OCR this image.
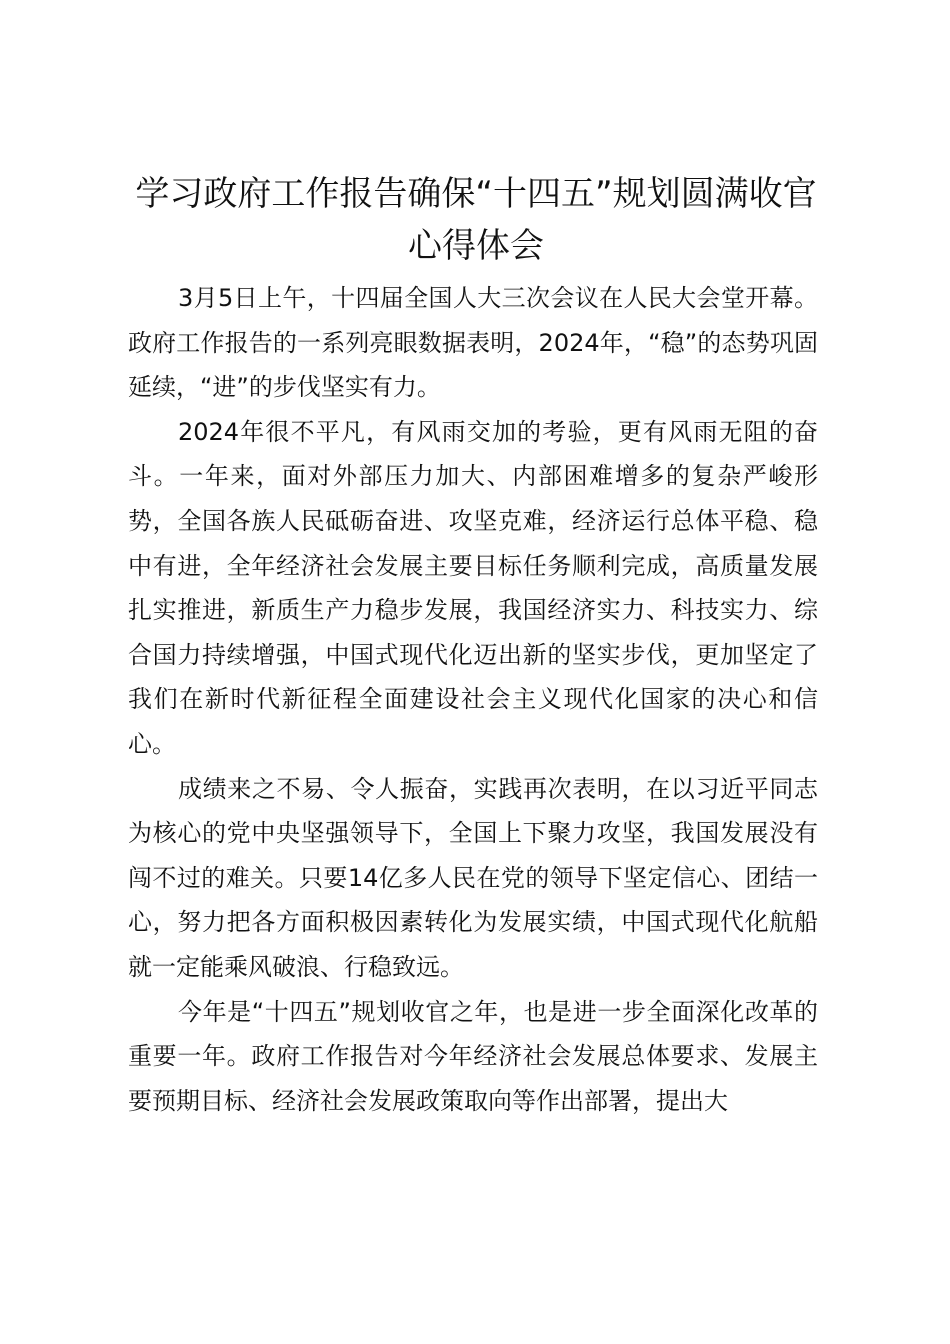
学习政府工作报告确保“十四五”规划圆满收官心得体会

3月5日上午，十四届全国人大三次会议在人民大会堂开幕。政府工作报告的一系列亮眼数据表明，2024年，“稳”的态势巩固延续，“进”的步伐坚实有力。

2024年很不平凡，有风雨交加的考验，更有风雨无阻的奋斗。一年来，面对外部压力加大、内部困难增多的复杂严峻形势，全国各族人民砥砺奋进、攻坚克难，经济运行总体平稳、稳中有进，全年经济社会发展主要目标任务顺利完成，高质量发展扎实推进，新质生产力稳步发展，我国经济实力、科技实力、综合国力持续增强，中国式现代化迈出新的坚实步伐，更加坚定了我们在新时代新征程全面建设社会主义现代化国家的决心和信心。

成绩来之不易、令人振奋，实践再次表明，在以习近平同志为核心的党中央坚强领导下，全国上下聚力攻坚，我国发展没有闯不过的难关。只要14亿多人民在党的领导下坚定信心、团结一心，努力把各方面积极因素转化为发展实绩，中国式现代化航船就一定能乘风破浪、行稳致远。

今年是“十四五”规划收官之年，也是进一步全面深化改革的重要一年。政府工作报告对今年经济社会发展总体要求、发展主要预期目标、经济社会发展政策取向等作出部署，提出大
